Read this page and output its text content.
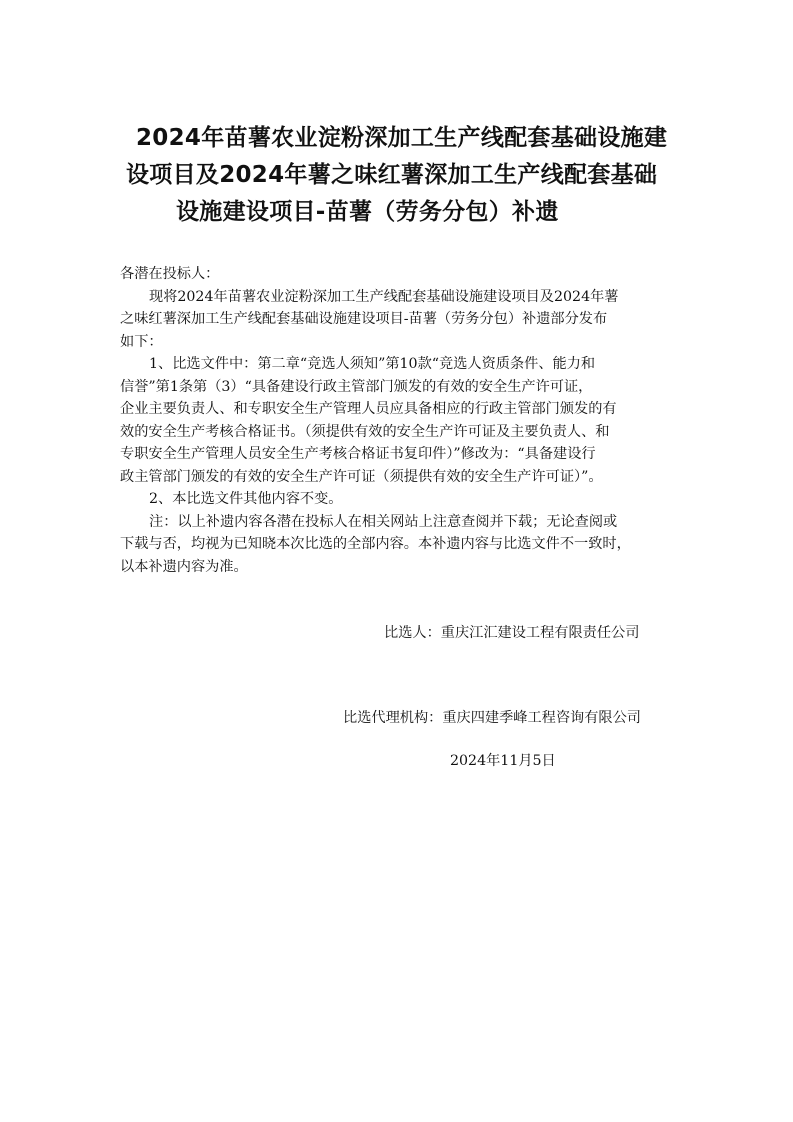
2024年苗薯农业淀粉深加工生产线配套基础设施建
设项目及2024年薯之味红薯深加工生产线配套基础
设施建设项目-苗薯（劳务分包）补遗

各潜在投标人：

现将2024年苗薯农业淀粉深加工生产线配套基础设施建设项目及2024年薯
之味红薯深加工生产线配套基础设施建设项目-苗薯（劳务分包）补遗部分发布
如下：

1、比选文件中：第二章“竞选人须知”第10款“竞选人资质条件、能力和
信誉”第1条第（3）“具备建设行政主管部门颁发的有效的安全生产许可证，
企业主要负责人、和专职安全生产管理人员应具备相应的行政主管部门颁发的有
效的安全生产考核合格证书。（须提供有效的安全生产许可证及主要负责人、和
专职安全生产管理人员安全生产考核合格证书复印件）”修改为：“具备建设行
政主管部门颁发的有效的安全生产许可证（须提供有效的安全生产许可证）”。

2、本比选文件其他内容不变。

注：以上补遗内容各潜在投标人在相关网站上注意查阅并下载；无论查阅或
下载与否，均视为已知晓本次比选的全部内容。本补遗内容与比选文件不一致时，
以本补遗内容为准。

比选人：重庆江汇建设工程有限责任公司
比选代理机构：重庆四建季峰工程咨询有限公司
2024年11月5日
